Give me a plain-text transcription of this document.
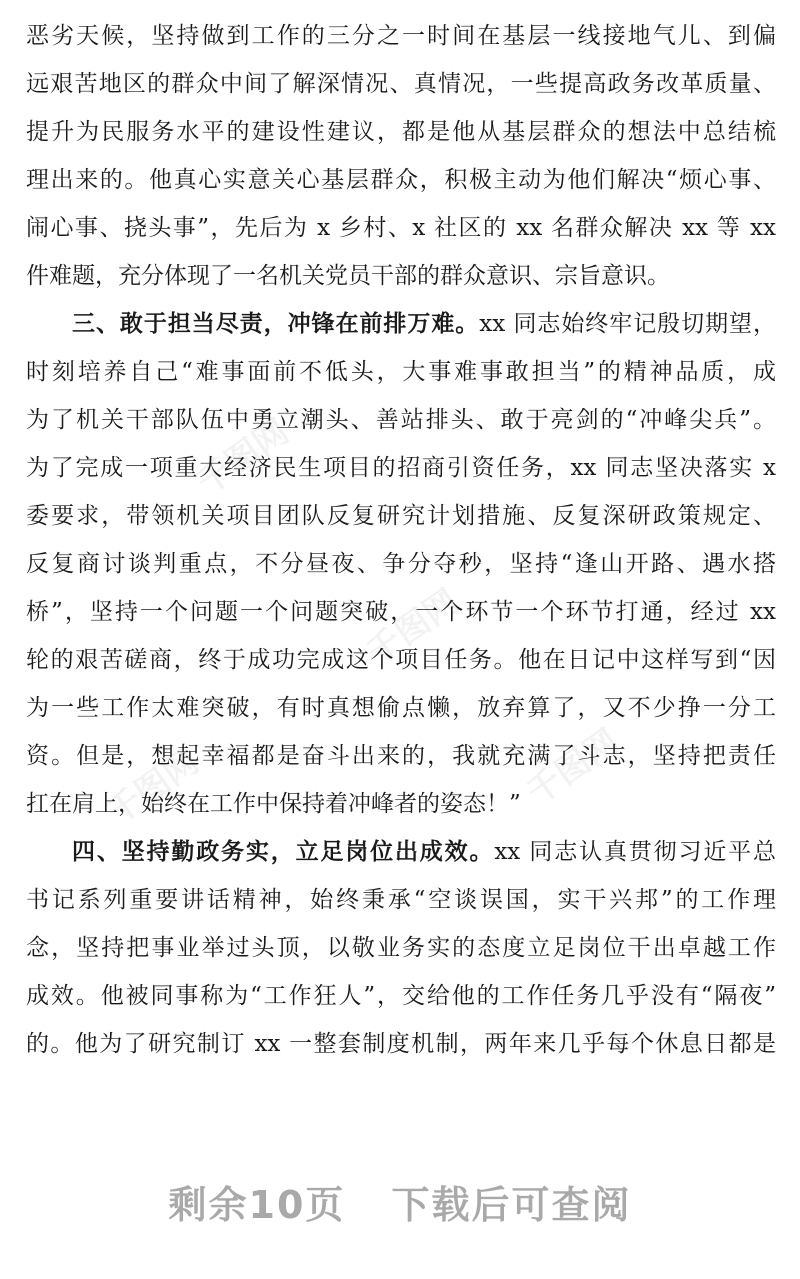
千图网
千图网
千图网	千图网
恶劣天候，坚持做到工作的三分之一时间在基层一线接地气儿、到偏
远艰苦地区的群众中间了解深情况、真情况，一些提高政务改革质量、
提升为民服务水平的建设性建议，都是他从基层群众的想法中总结梳
理出来的。他真心实意关心基层群众，积极主动为他们解决“烦心事、
闹心事、挠头事”，先后为 x 乡村、x 社区的 xx 名群众解决 xx 等 xx
件难题，充分体现了一名机关党员干部的群众意识、宗旨意识。
三、敢于担当尽责，冲锋在前排万难。xx 同志始终牢记殷切期望，
时刻培养自己“难事面前不低头，大事难事敢担当”的精神品质，成
为了机关干部队伍中勇立潮头、善站排头、敢于亮剑的“冲峰尖兵”。
为了完成一项重大经济民生项目的招商引资任务，xx 同志坚决落实 x
委要求，带领机关项目团队反复研究计划措施、反复深研政策规定、
反复商讨谈判重点，不分昼夜、争分夺秒，坚持“逢山开路、遇水搭
桥”，坚持一个问题一个问题突破，一个环节一个环节打通，经过 xx
轮的艰苦磋商，终于成功完成这个项目任务。他在日记中这样写到“因
为一些工作太难突破，有时真想偷点懒，放弃算了，又不少挣一分工
资。但是，想起幸福都是奋斗出来的，我就充满了斗志，坚持把责任
扛在肩上，始终在工作中保持着冲峰者的姿态！”
四、坚持勤政务实，立足岗位出成效。xx 同志认真贯彻习近平总
书记系列重要讲话精神，始终秉承“空谈误国，实干兴邦”的工作理
念，坚持把事业举过头顶，以敬业务实的态度立足岗位干出卓越工作
成效。他被同事称为“工作狂人”，交给他的工作任务几乎没有“隔夜”
的。他为了研究制订 xx 一整套制度机制，两年来几乎每个休息日都是
剩余10页 下载后可查阅
